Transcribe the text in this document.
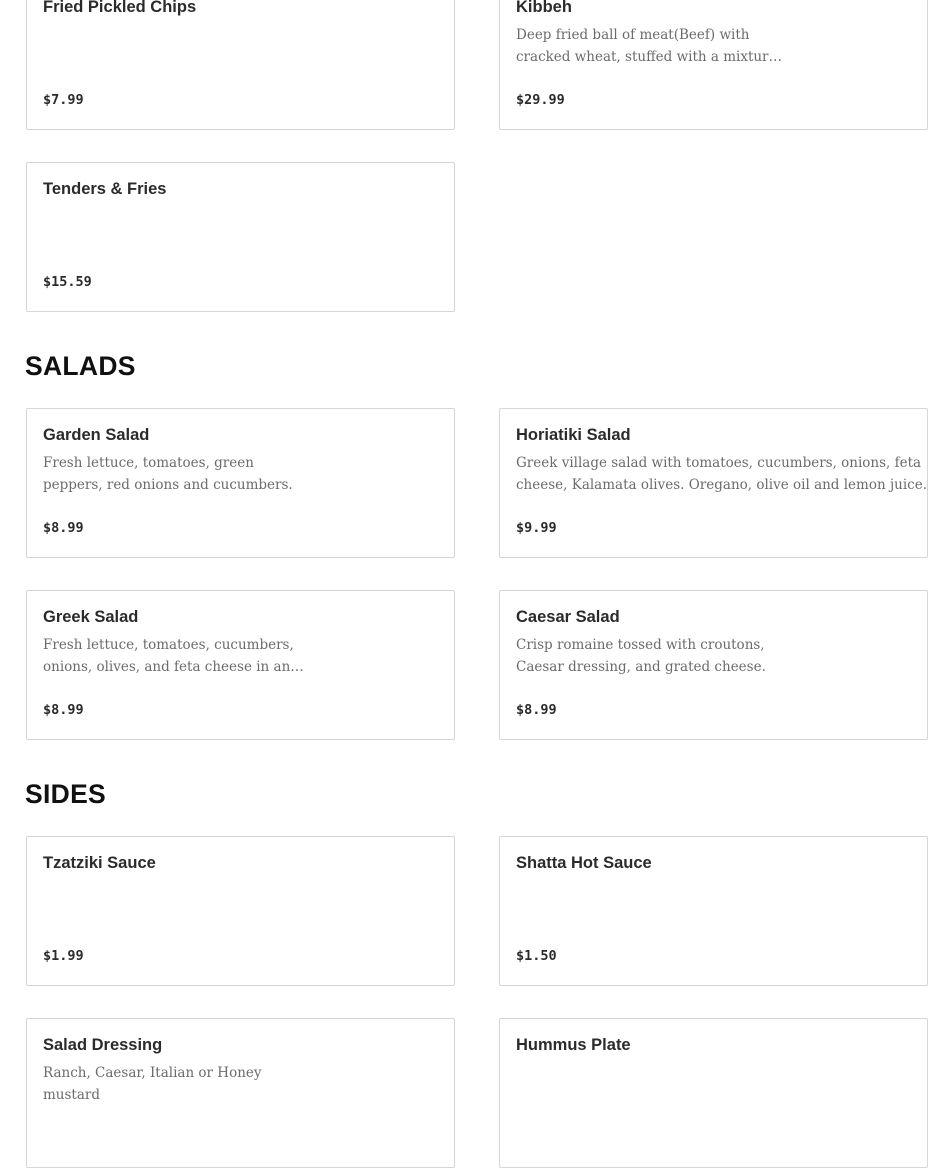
Fried Pickled Chips
$7.99
Kibbeh
Deep fried ball of meat(Beef) with
cracked wheat, stuffed with a mixtur…
$29.99
Tenders & Fries
$15.59
SALADS
Garden Salad
Fresh lettuce, tomatoes, green
peppers, red onions and cucumbers.
$8.99
Horiatiki Salad
Greek village salad with tomatoes, cucumbers, onions, feta
cheese, Kalamata olives. Oregano, olive oil and lemon juice.
$9.99
Greek Salad
Fresh lettuce, tomatoes, cucumbers,
onions, olives, and feta cheese in an…
$8.99
Caesar Salad
Crisp romaine tossed with croutons,
Caesar dressing, and grated cheese.
$8.99
SIDES
Tzatziki Sauce
$1.99
Shatta Hot Sauce
$1.50
Salad Dressing
Ranch, Caesar, Italian or Honey
mustard
Hummus Plate
